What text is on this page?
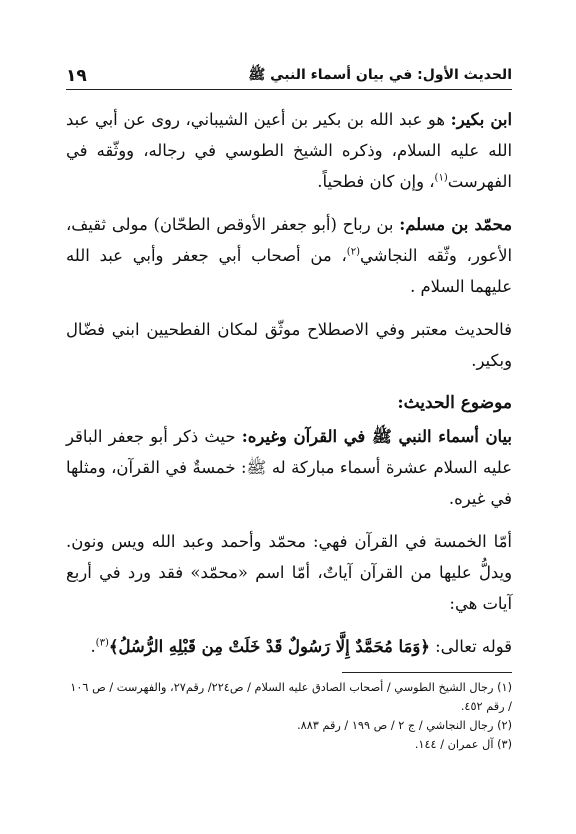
الحديث الأول: في بيان أسماء النبي ﷺ
١٩

ابن بكير: هو عبد الله بن بكير بن أعين الشيباني، روى عن أبي عبد الله عليه السلام، وذكره الشيخ الطوسي في رجاله، ووثّقه في الفهرست$^{(١)}$، وإن كان فطحياً.

محمّد بن مسلم: بن رباح (أبو جعفر الأوقص الطحّان) مولى ثقيف، الأعور، وثّقه النجاشي$^{(٢)}$، من أصحاب أبي جعفر وأبي عبد الله عليهما السلام .

فالحديث معتبر وفي الاصطلاح موثّق لمكان الفطحيين ابني فضّال وبكير.

موضوع الحديث:

بيان أسماء النبي ﷺ في القرآن وغيره: حيث ذكر أبو جعفر الباقر عليه السلام عشرة أسماء مباركة له ﷺ: خمسةٌ في القرآن، ومثلها في غيره.

أمّا الخمسة في القرآن فهي: محمّد وأحمد وعبد الله ويس ونون. ويدلُّ عليها من القرآن آياتٌ، أمّا اسم «محمّد» فقد ورد في أربع آيات هي:

قوله تعالى: ﴿وَمَا مُحَمَّدٌ إِلَّا رَسُولٌ قَدْ خَلَتْ مِن قَبْلِهِ الرُّسُلُ﴾$^{(٣)}$.

(١) رجال الشيخ الطوسي / أصحاب الصادق عليه السلام / ص٢٢٤/ رقم٢٧، والفهرست / ص ١٠٦ / رقم ٤٥٢.

(٢) رجال النجاشي / ج ٢ / ص ١٩٩ / رقم ٨٨٣.

(٣) آل عمران / ١٤٤.
